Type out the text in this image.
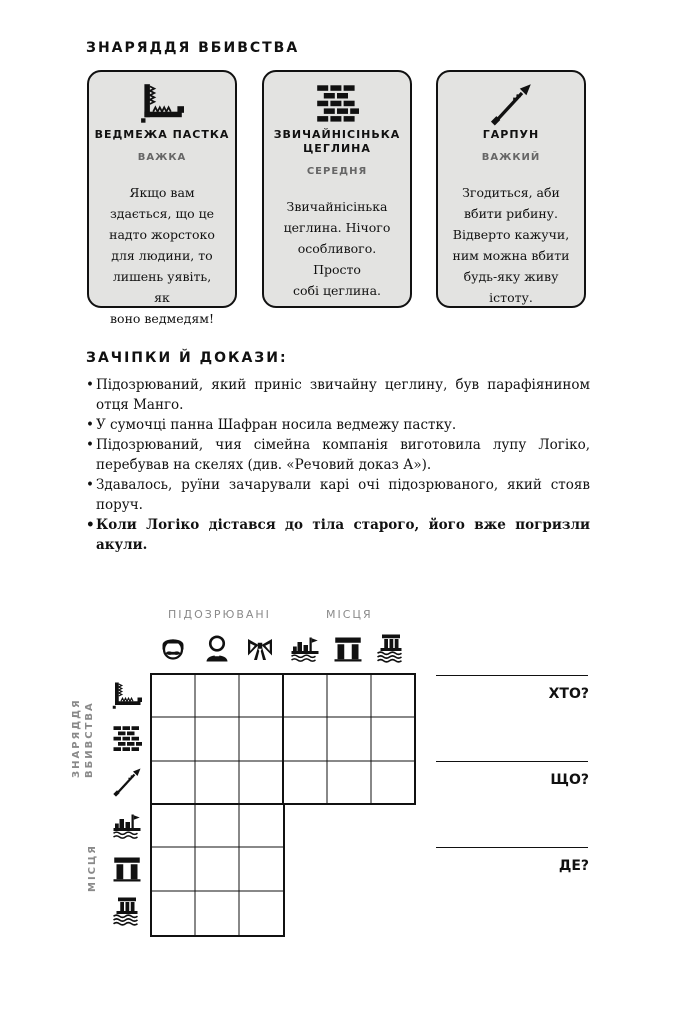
ЗНАРЯДДЯ ВБИВСТВА
ВЕДМЕЖА ПАСТКА
ВАЖКА
Якщо вам
здається, що це
надто жорстоко
для людини, то
лишень уявіть, як
воно ведмедям!
ЗВИЧАЙНІСІНЬКА
ЦЕГЛИНА
СЕРЕДНЯ
Звичайнісінька
цеглина. Нічого
особливого. Просто
собі цеглина.
ГАРПУН
ВАЖКИЙ
Згодиться, аби
вбити рибину.
Відверто кажучи,
ним можна вбити
будь-яку живу
істоту.
ЗАЧІПКИ Й ДОКАЗИ:
• Підозрюваний, який приніс звичайну цеглину, був парафіянином отця Манго.
• У сумочці панна Шафран носила ведмежу пастку.
• Підозрюваний, чия сімейна компанія виготовила лупу Логіко, перебував на скелях (див. «Речовий доказ А»).
• Здавалось, руїни зачарували карі очі підозрюваного, який стояв поруч.
• Коли Логіко дістався до тіла старого, його вже погризли акули.
ПІДОЗРЮВАНІ	МІСЦЯ
ЗНАРЯДДЯ ВБИВСТВА
МІСЦЯ
ХТО?
ЩО?
ДЕ?
